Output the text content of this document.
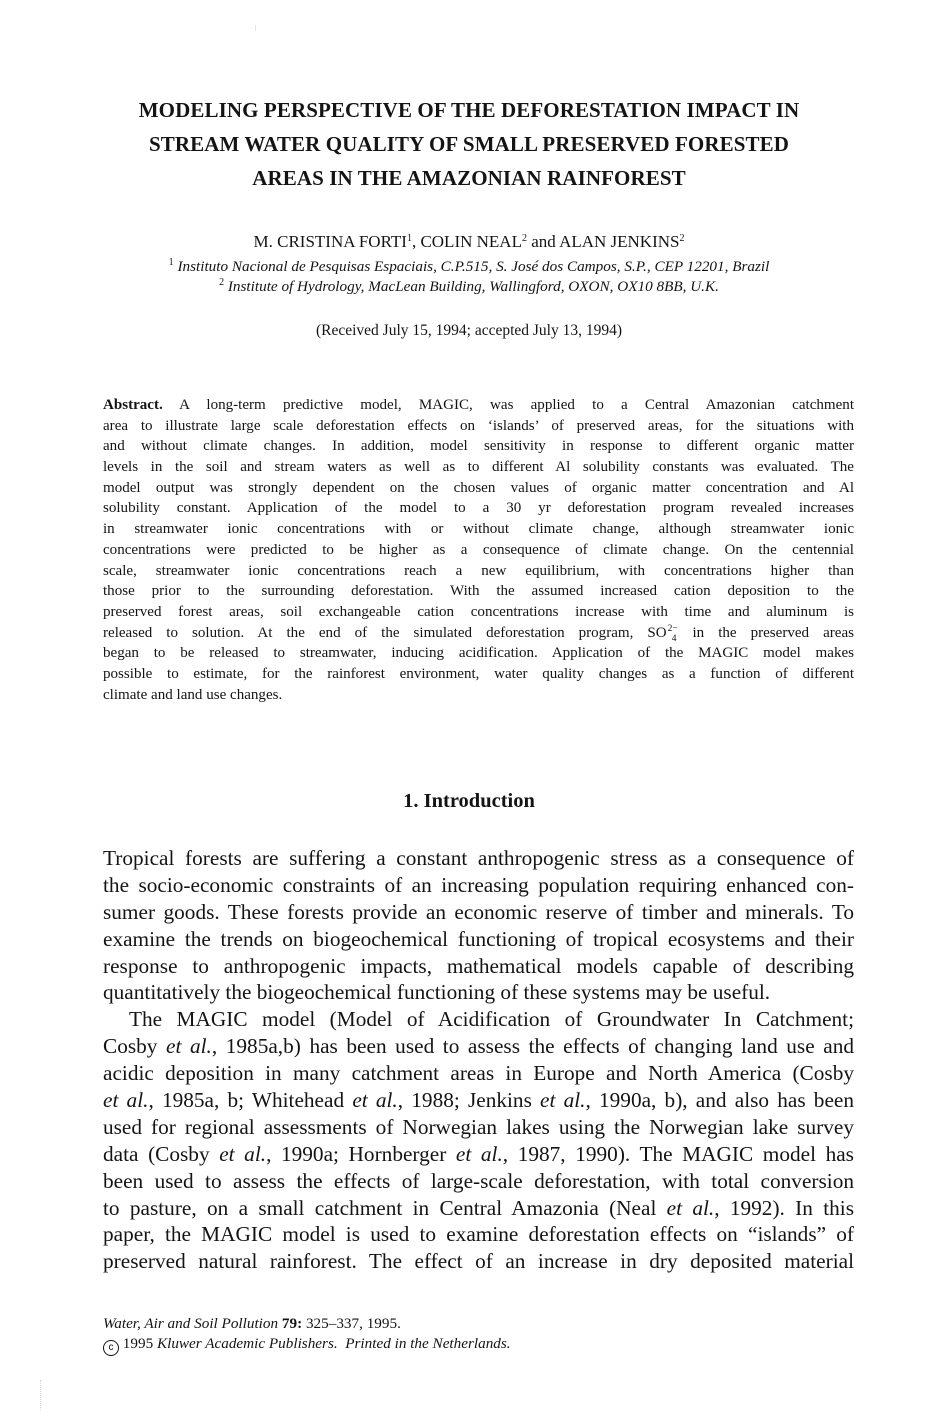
MODELING PERSPECTIVE OF THE DEFORESTATION IMPACT IN
STREAM WATER QUALITY OF SMALL PRESERVED FORESTED
AREAS IN THE AMAZONIAN RAINFOREST
M. CRISTINA FORTI$^1$, COLIN NEAL$^2$ and ALAN JENKINS$^2$
$^1$ Instituto Nacional de Pesquisas Espaciais, C.P.515, S. José dos Campos, S.P., CEP 12201, Brazil
$^2$ Institute of Hydrology, MacLean Building, Wallingford, OXON, OX10 8BB, U.K.
(Received July 15, 1994; accepted July 13, 1994)
Abstract. A long-term predictive model, MAGIC, was applied to a Central Amazonian catchment
area to illustrate large scale deforestation effects on ‘islands’ of preserved areas, for the situations with
and without climate changes. In addition, model sensitivity in response to different organic matter
levels in the soil and stream waters as well as to different Al solubility constants was evaluated. The
model output was strongly dependent on the chosen values of organic matter concentration and Al
solubility constant. Application of the model to a 30 yr deforestation program revealed increases
in streamwater ionic concentrations with or without climate change, although streamwater ionic
concentrations were predicted to be higher as a consequence of climate change. On the centennial
scale, streamwater ionic concentrations reach a new equilibrium, with concentrations higher than
those prior to the surrounding deforestation. With the assumed increased cation deposition to the
preserved forest areas, soil exchangeable cation concentrations increase with time and aluminum is
released to solution. At the end of the simulated deforestation program, $SO^{2-}_4$ in the preserved areas
began to be released to streamwater, inducing acidification. Application of the MAGIC model makes
possible to estimate, for the rainforest environment, water quality changes as a function of different
climate and land use changes.
1. Introduction
Tropical forests are suffering a constant anthropogenic stress as a consequence of
the socio-economic constraints of an increasing population requiring enhanced con-
sumer goods. These forests provide an economic reserve of timber and minerals. To
examine the trends on biogeochemical functioning of tropical ecosystems and their
response to anthropogenic impacts, mathematical models capable of describing
quantitatively the biogeochemical functioning of these systems may be useful.
The MAGIC model (Model of Acidification of Groundwater In Catchment;
Cosby et al., 1985a,b) has been used to assess the effects of changing land use and
acidic deposition in many catchment areas in Europe and North America (Cosby
et al., 1985a, b; Whitehead et al., 1988; Jenkins et al., 1990a, b), and also has been
used for regional assessments of Norwegian lakes using the Norwegian lake survey
data (Cosby et al., 1990a; Hornberger et al., 1987, 1990). The MAGIC model has
been used to assess the effects of large-scale deforestation, with total conversion
to pasture, on a small catchment in Central Amazonia (Neal et al., 1992). In this
paper, the MAGIC model is used to examine deforestation effects on “islands” of
preserved natural rainforest. The effect of an increase in dry deposited material
Water, Air and Soil Pollution 79: 325–337, 1995.
c 1995 Kluwer Academic Publishers.  Printed in the Netherlands.
